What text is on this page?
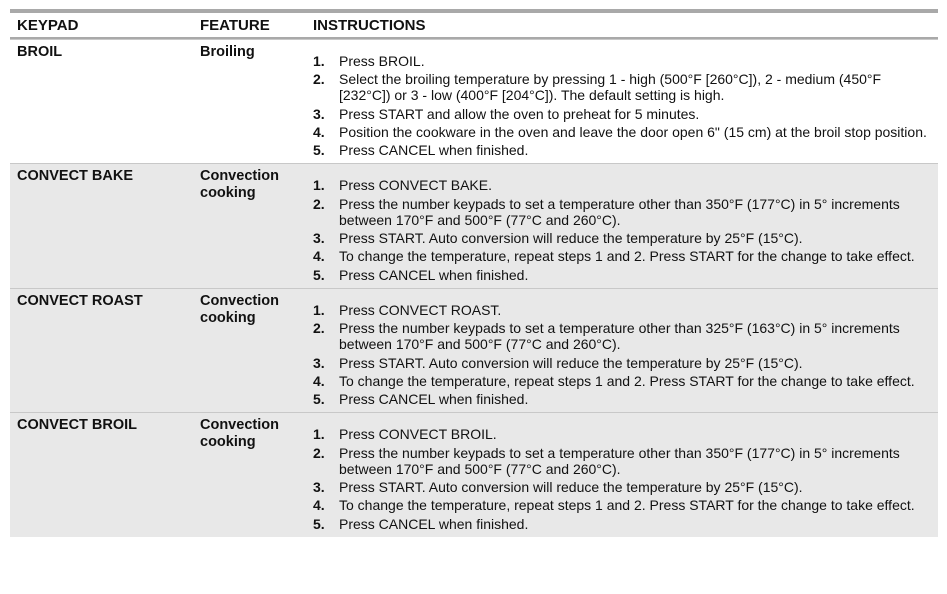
KEYPAD	FEATURE	INSTRUCTIONS
BROIL	Broiling
1.	Press BROIL.
2.	Select the broiling temperature by pressing 1 - high (500°F [260°C]), 2 - medium (450°F [232°C]) or 3 - low (400°F [204°C]). The default setting is high.
3.	Press START and allow the oven to preheat for 5 minutes.
4.	Position the cookware in the oven and leave the door open 6" (15 cm) at the broil stop position.
5.	Press CANCEL when finished.
CONVECT BAKE	Convection cooking	1.	Press CONVECT BAKE.
2.	Press the number keypads to set a temperature other than 350°F (177°C) in 5° increments between 170°F and 500°F (77°C and 260°C).
3.	Press START. Auto conversion will reduce the temperature by 25°F (15°C).
4.	To change the temperature, repeat steps 1 and 2. Press START for the change to take effect.
5.	Press CANCEL when finished.
CONVECT ROAST	Convection cooking	1.	Press CONVECT ROAST.
2.	Press the number keypads to set a temperature other than 325°F (163°C) in 5° increments between 170°F and 500°F (77°C and 260°C).
3.	Press START. Auto conversion will reduce the temperature by 25°F (15°C).
4.	To change the temperature, repeat steps 1 and 2. Press START for the change to take effect.
5.	Press CANCEL when finished.
CONVECT BROIL	Convection cooking	1.	Press CONVECT BROIL.
2.	Press the number keypads to set a temperature other than 350°F (177°C) in 5° increments between 170°F and 500°F (77°C and 260°C).
3.	Press START. Auto conversion will reduce the temperature by 25°F (15°C).
4.	To change the temperature, repeat steps 1 and 2. Press START for the change to take effect.
5.	Press CANCEL when finished.
